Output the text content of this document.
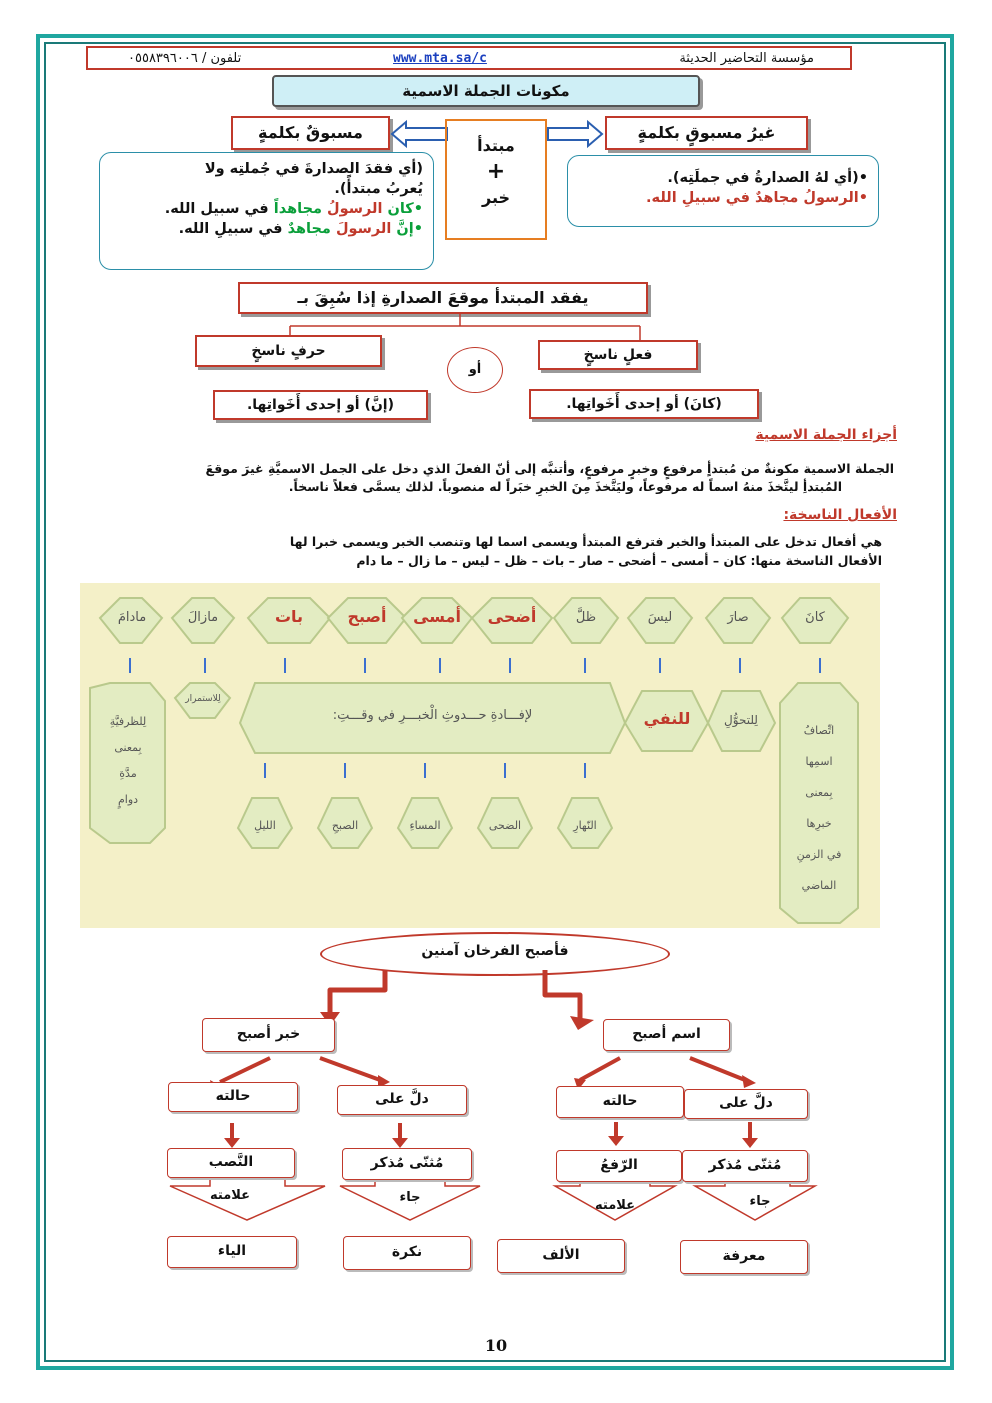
مؤسسة التحاضير الحديثة
www.mta.sa/c
تلفون / ٠٥٥٨٣٩٦٠٠٦
مكونات الجملة الاسمية
غيرُ مسبوقٍ بكلمةٍ
مسبوقٌ بكلمةٍ
مبتدأ
+
خبر
•(أي لهُ الصدارةُ في جملَتِه).
•الرسولُ مجاهدٌ في سبيلِ الله.
(أي فقدَ الصدارةَ في جُملتِه ولا
يُعربُ مبتدأً).
•كان الرسولُ مجاهداً في سبيل الله.
•إنَّ الرسولَ مجاهدٌ في سبيلِ الله.
يفقد المبتدأ موقعَ الصدارةِ إذا سُبِقَ بـ
فعلٍ ناسخٍ
حرفٍ ناسخٍ
أو
(كانَ) أو إحدى أَخَواتِها.
(إنَّ) أو إحدى أَخَواتِها.
أجزاء الجملة الاسمية
الجملة الاسمية مكونةٌ من مُبتدأٍ مرفوعٍ وخبرٍ مرفوعٍ، وأتنبَّه إلى أنّ الفعلَ الذي دخل على الجمل الاسميَّةِ غيرَ موقعَ
المُبتدأِ ليتَّخذَ منهُ اسماً له مرفوعاً، وليَتَّخذَ مِنَ الخبرِ خبَراً له منصوباً. لذلك يسمَّى فعلاً ناسخاً.
الأفعال الناسخة:
هي أفعال تدخل على المبتدأ والخبر فترفع المبتدأ ويسمى اسما لها وتنصب الخبر ويسمى خبرا لها
الأفعال الناسخة منها: كان – أمسى – أضحى – صار – بات – ظل – ليس – ما زال – ما دام
مادامَ	مازالَ	بات	أصبح	أمسى	أضحى	ظلَّ	ليسَ	صارَ	كانَ
لِلظرفيَّةِ
بِمعنى
مدَّةِ
دوامٍ
لِلاستمرار
لإفـــادةِ حـــدوثِ الْخبـــرِ في وقـــتِ:	للنفي	لِلتحوُّلِ
اتِّصافُ
اسمِها
بِمعنى
خبرِها
في الزمنِ
الماضي
الليلِ	الصبحِ	المساءِ	الضحى	النّهارِ
فأصبح الفرخان آمنين
خبر أصبح	اسم أصبح
حالته	دلَّ على	حالته	دلَّ على
النَّصب	مُثنّى مُذكر	الرّفعُ	مُثنّى مُذكر
علامته	جاء
علامته	جاء
الياء	نكرة	الألف	معرفة
10
